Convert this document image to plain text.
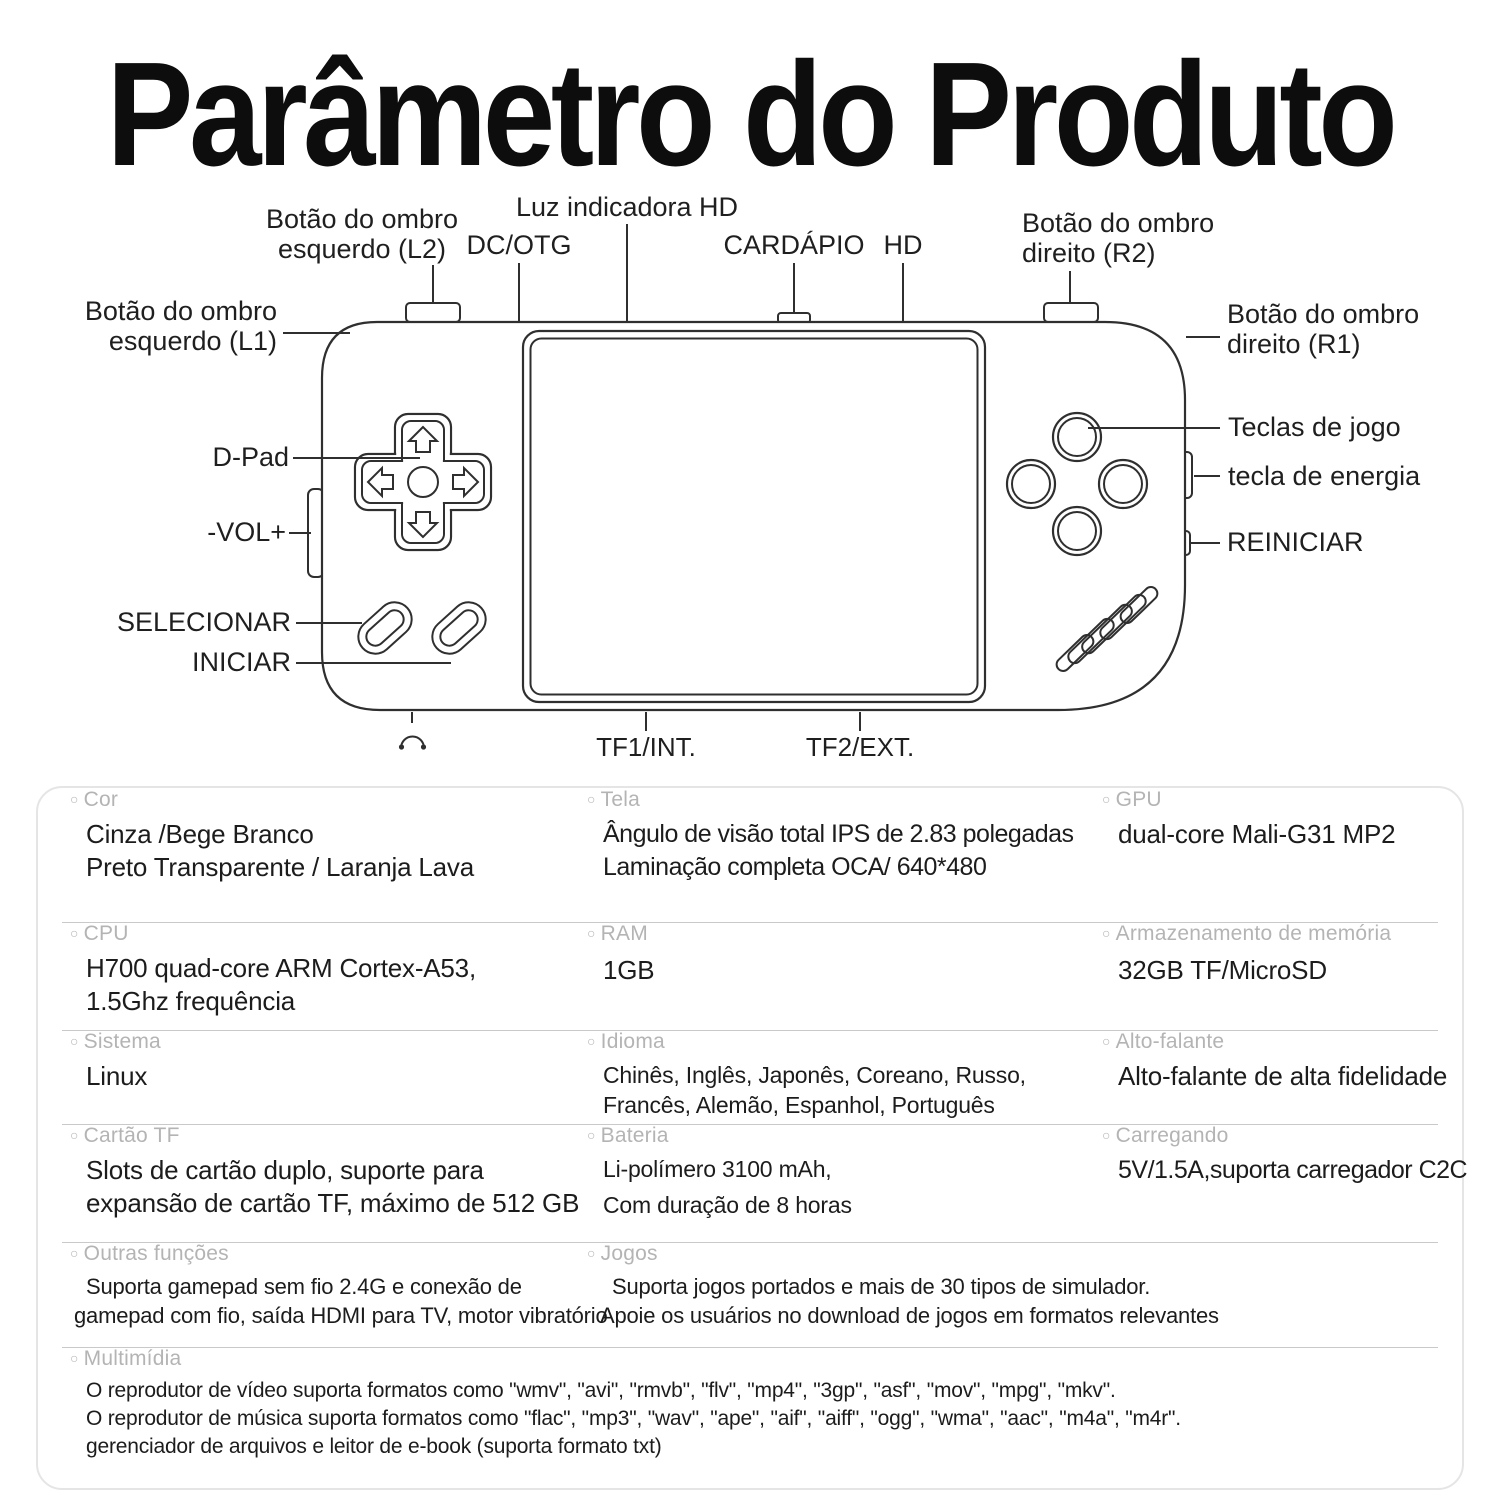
Parâmetro do Produto
Botão do ombro
esquerdo (L2) DC/OTG
Luz indicadora HD
CARDÁPIO HD
Botão do ombro
direito (R2)
Botão do ombro
esquerdo (L1)
Botão do ombro
direito (R1)
D-Pad
-VOL+
SELECIONAR
INICIAR
Teclas de jogo
tecla de energia
REINICIAR
TF1/INT.	TF2/EXT.
○ Cor
Cinza /Bege Branco
Preto Transparente / Laranja Lava
○ Tela
Ângulo de visão total IPS de 2.83 polegadas
Laminação completa OCA/ 640*480
○ GPU
dual-core Mali-G31 MP2
○ CPU
H700 quad-core ARM Cortex-A53,
1.5Ghz frequência
○ RAM
1GB
○ Armazenamento de memória
32GB TF/MicroSD
○ Sistema
Linux
○ Idioma
Chinês, Inglês, Japonês, Coreano, Russo,
Francês, Alemão, Espanhol, Português
○ Alto-falante
Alto-falante de alta fidelidade
○ Cartão TF
Slots de cartão duplo, suporte para
expansão de cartão TF, máximo de 512 GB
○ Bateria
Li-polímero 3100 mAh,
Com duração de 8 horas
○ Carregando
5V/1.5A,suporta carregador C2C
○ Outras funções
Suporta gamepad sem fio 2.4G e conexão de
gamepad com fio, saída HDMI para TV, motor vibratório
○ Jogos
Suporta jogos portados e mais de 30 tipos de simulador.
Apoie os usuários no download de jogos em formatos relevantes
○ Multimídia
O reprodutor de vídeo suporta formatos como "wmv", "avi", "rmvb", "flv", "mp4", "3gp", "asf", "mov", "mpg", "mkv".
O reprodutor de música suporta formatos como "flac", "mp3", "wav", "ape", "aif", "aiff", "ogg", "wma", "aac", "m4a", "m4r".
gerenciador de arquivos e leitor de e-book (suporta formato txt)
